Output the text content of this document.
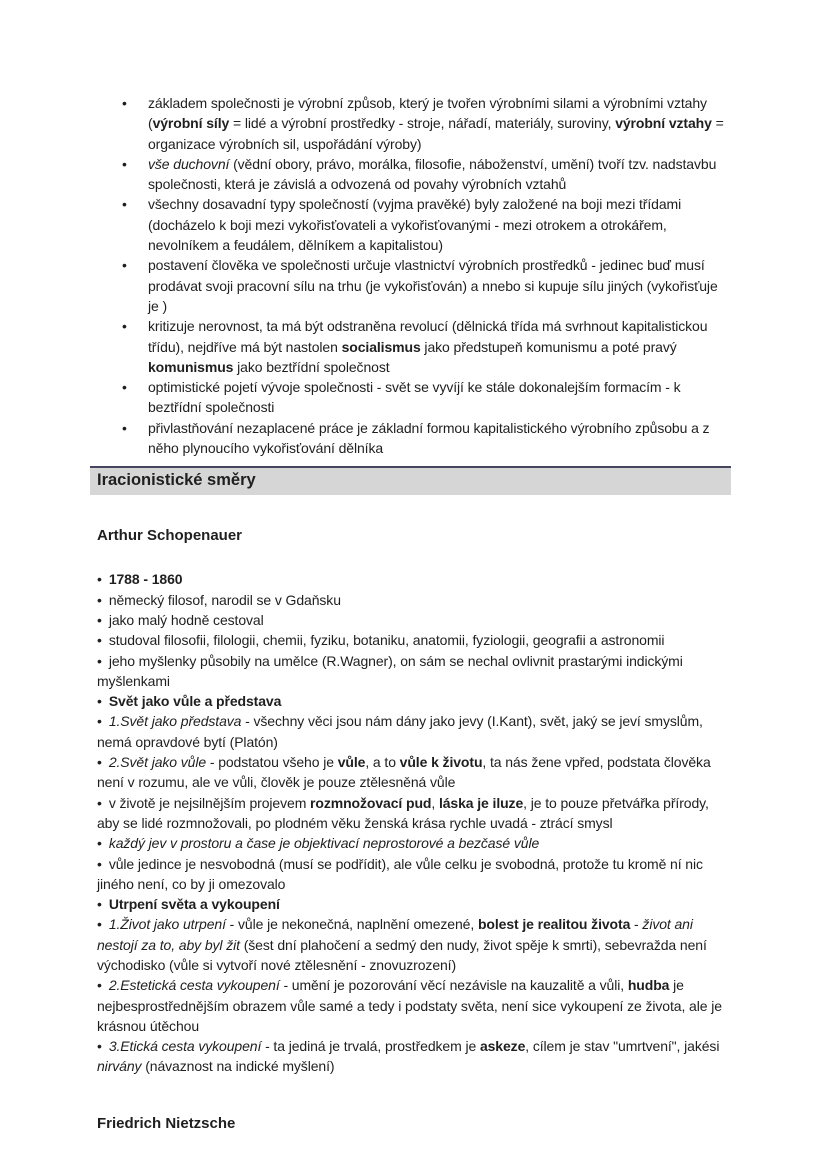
• základem společnosti je výrobní způsob, který je tvořen výrobními silami a výrobními vztahy (výrobní síly​ = lidé a výrobní prostředky - stroje, nářadí, materiály, suroviny, výrobní vztahy = organizace výrobních sil, uspořádání výroby)
• vše duchovní (vědní obory, právo, morálka, filosofie, náboženství, umění) tvoří tzv. nadstavbu společnosti, která je závislá a odvozená od povahy výrobních vztahů
• všechny dosavadní typy společností (vyjma pravěké) byly založené na boji mezi třídami (docházelo k boji mezi vykořisťovateli a vykořisťovanými - mezi otrokem a otrokářem, nevolníkem a feudálem, dělníkem a kapitalistou)
• postavení člověka ve společnosti určuje vlastnictví výrobních prostředků - jedinec buď musí prodávat svoji pracovní sílu na trhu (je vykořisťován) a nnebo si kupuje sílu jiných (vykořisťuje je )
• kritizuje nerovnost, ta má být odstraněna revolucí (dělnická třída má svrhnout kapitalistickou třídu), nejdříve má být nastolen socialismus jako předstupeň komunismu a poté pravý komunismus jako beztřídní společnost
• optimistické pojetí vývoje společnosti - svět se vyvíjí ke stále dokonalejším formacím - k beztřídní společnosti
• přivlastňování nezaplacené práce je základní formou kapitalistického výrobního způsobu a z něho plynoucího vykořisťování dělníka
Iracionistické směry
Arthur Schopenauer
• 1788 - 1860
• německý filosof, narodil se v Gdaňsku
• jako malý hodně cestoval
• studoval filosofii, filologii, chemii, fyziku, botaniku, anatomii, fyziologii, geografii a astronomii
• jeho myšlenky působily na umělce (R.Wagner), on sám se nechal ovlivnit prastarými indickými myšlenkami
• Svět jako vůle a představa
• 1.Svět jako představa - všechny věci jsou nám dány jako jevy (I.Kant), svět, jaký se jeví smyslům, nemá opravdové bytí (Platón)
• 2.Svět jako vůle - podstatou všeho je vůle, a to vůle k životu, ta nás žene vpřed, podstata člověka není v rozumu, ale ve vůli, člověk je pouze ztělesněná vůle
• v životě je nejsilnějším projevem rozmnožovací pud, láska je iluze, je to pouze přetvářka přírody, aby se lidé rozmnožovali, po plodném věku ženská krása rychle uvadá - ztrácí smysl
• každý jev v prostoru a čase je objektivací neprostorové a bezčasé vůle
• vůle jedince je nesvobodná (musí se podřídit), ale vůle celku je svobodná, protože tu kromě ní nic jiného není, co by ji omezovalo
• Utrpení světa a vykoupení
• 1.Život jako utrpení - vůle je nekonečná, naplnění omezené, bolest je realitou života - život ani nestojí za to, aby byl žit (šest dní plahočení a sedmý den nudy, život spěje k smrti), sebevražda není východisko (vůle si vytvoří nové ztělesnění - znovuzrození)
• 2.Estetická cesta vykoupení - umění je pozorování věcí nezávisle na kauzalitě a vůli, hudba je nejbesprostřednějším obrazem vůle samé a tedy i podstaty světa, není sice vykoupení ze života, ale je krásnou útěchou
• 3.Etická cesta vykoupení - ta jediná je trvalá, prostředkem je askeze, cílem je stav "umrtvení", jakési nirvány (návaznost na indické myšlení)
Friedrich Nietzsche
